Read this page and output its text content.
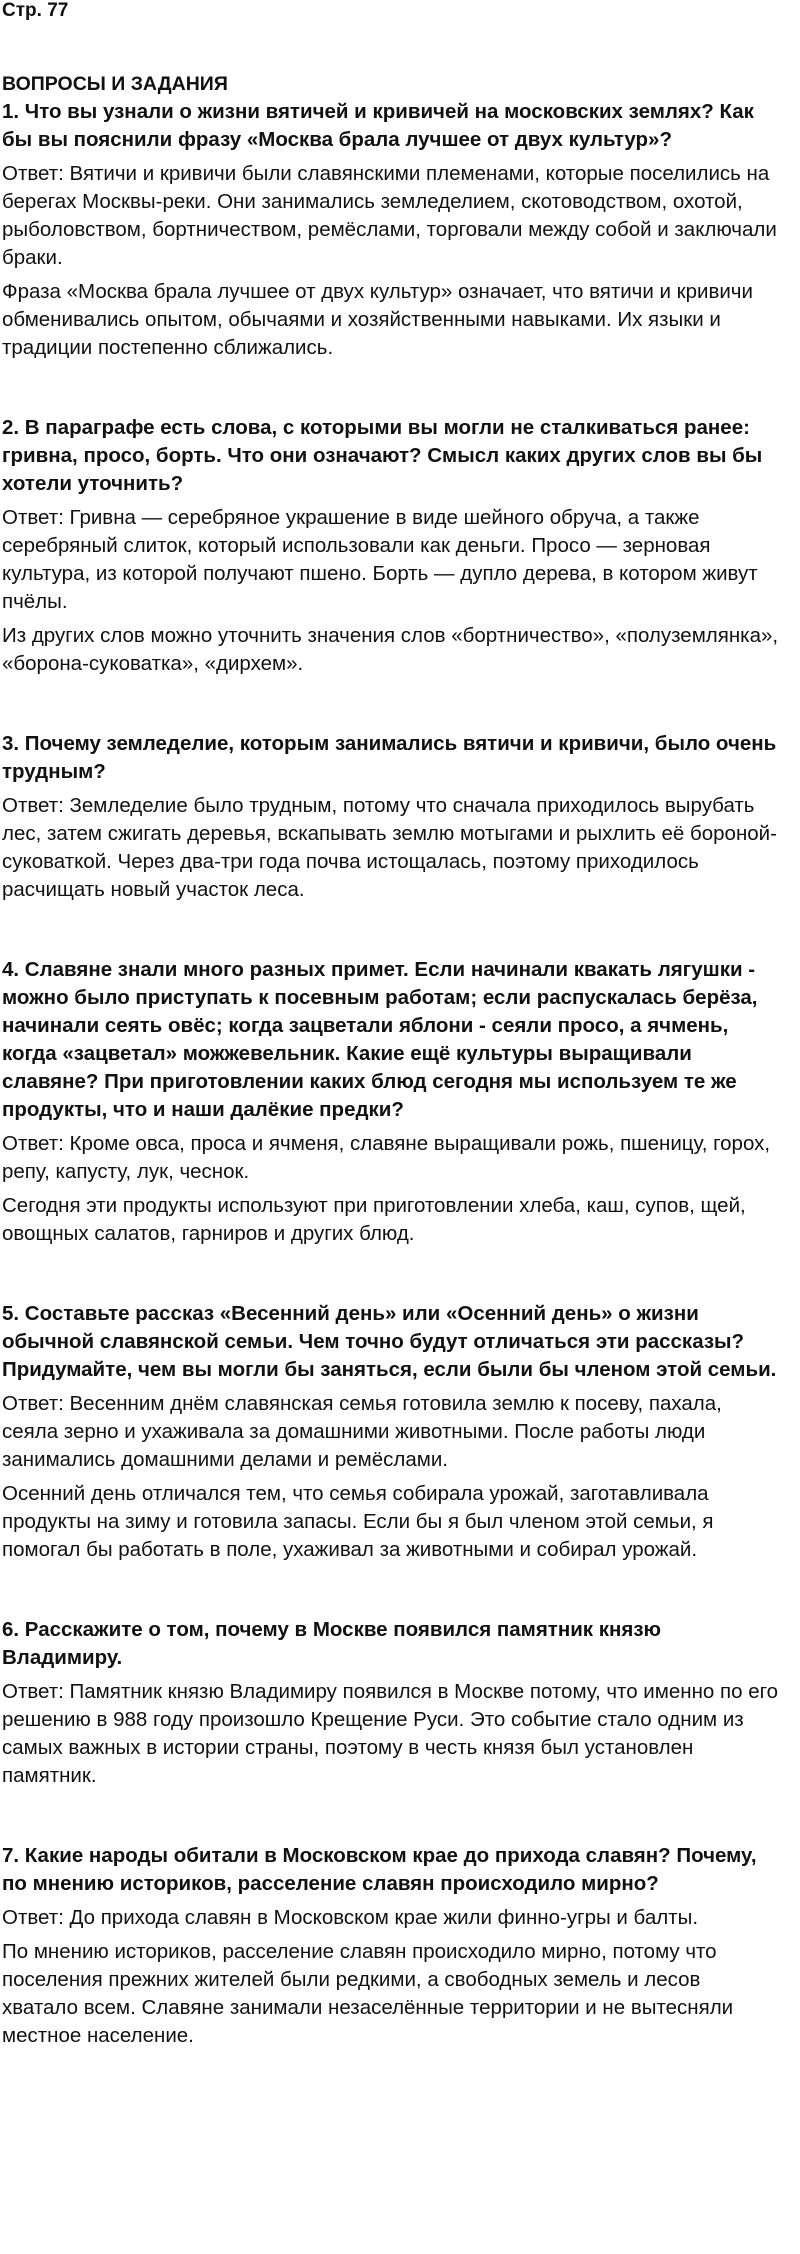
Стр. 77

ВОПРОСЫ И ЗАДАНИЯ

1. Что вы узнали о жизни вятичей и кривичей на московских землях? Как бы вы пояснили фразу «Москва брала лучшее от двух культур»?

Ответ: Вятичи и кривичи были славянскими племенами, которые поселились на берегах Москвы-реки. Они занимались земледелием, скотоводством, охотой, рыболовством, бортничеством, ремёслами, торговали между собой и заключали браки.

Фраза «Москва брала лучшее от двух культур» означает, что вятичи и кривичи обменивались опытом, обычаями и хозяйственными навыками. Их языки и традиции постепенно сближались.

2. В параграфе есть слова, с которыми вы могли не сталкиваться ранее: гривна, просо, борть. Что они означают? Смысл каких других слов вы бы хотели уточнить?

Ответ: Гривна — серебряное украшение в виде шейного обруча, а также серебряный слиток, который использовали как деньги. Просо — зерновая культура, из которой получают пшено. Борть — дупло дерева, в котором живут пчёлы.

Из других слов можно уточнить значения слов «бортничество», «полуземлянка», «борона-суковатка», «дирхем».

3. Почему земледелие, которым занимались вятичи и кривичи, было очень трудным?

Ответ: Земледелие было трудным, потому что сначала приходилось вырубать лес, затем сжигать деревья, вскапывать землю мотыгами и рыхлить её бороной-суковаткой. Через два-три года почва истощалась, поэтому приходилось расчищать новый участок леса.

4. Славяне знали много разных примет. Если начинали квакать лягушки - можно было приступать к посевным работам; если распускалась берёза, начинали сеять овёс; когда зацветали яблони - сеяли просо, а ячмень, когда «зацветал» можжевельник. Какие ещё культуры выращивали славяне? При приготовлении каких блюд сегодня мы используем те же продукты, что и наши далёкие предки?

Ответ: Кроме овса, проса и ячменя, славяне выращивали рожь, пшеницу, горох, репу, капусту, лук, чеснок.

Сегодня эти продукты используют при приготовлении хлеба, каш, супов, щей, овощных салатов, гарниров и других блюд.

5. Составьте рассказ «Весенний день» или «Осенний день» о жизни обычной славянской семьи. Чем точно будут отличаться эти рассказы? Придумайте, чем вы могли бы заняться, если были бы членом этой семьи.

Ответ: Весенним днём славянская семья готовила землю к посеву, пахала, сеяла зерно и ухаживала за домашними животными. После работы люди занимались домашними делами и ремёслами.

Осенний день отличался тем, что семья собирала урожай, заготавливала продукты на зиму и готовила запасы. Если бы я был членом этой семьи, я помогал бы работать в поле, ухаживал за животными и собирал урожай.

6. Расскажите о том, почему в Москве появился памятник князю Владимиру.

Ответ: Памятник князю Владимиру появился в Москве потому, что именно по его решению в 988 году произошло Крещение Руси. Это событие стало одним из самых важных в истории страны, поэтому в честь князя был установлен памятник.

7. Какие народы обитали в Московском крае до прихода славян? Почему, по мнению историков, расселение славян происходило мирно?

Ответ: До прихода славян в Московском крае жили финно-угры и балты.

По мнению историков, расселение славян происходило мирно, потому что поселения прежних жителей были редкими, а свободных земель и лесов хватало всем. Славяне занимали незаселённые территории и не вытесняли местное население.
